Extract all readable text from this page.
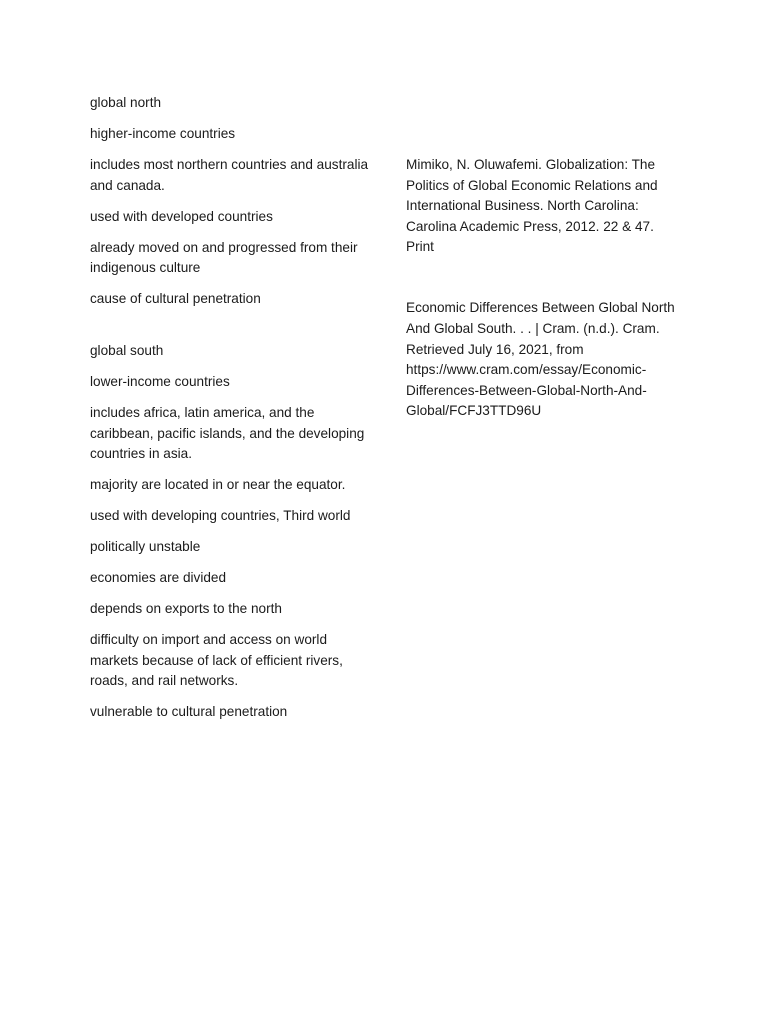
global north

higher-income countries

includes most northern countries and australia and canada.

used with developed countries

already moved on and progressed from their indigenous culture

cause of cultural penetration

global south

lower-income countries

includes africa, latin america, and the caribbean, pacific islands, and the developing countries in asia.

majority are located in or near the equator.

used with developing countries, Third world

politically unstable

economies are divided

depends on exports to the north

difficulty on import and access on world markets because of lack of efficient rivers, roads, and rail networks.

vulnerable to cultural penetration

Mimiko, N. Oluwafemi. Globalization: The Politics of Global Economic Relations and International Business. North Carolina: Carolina Academic Press, 2012. 22 & 47. Print

Economic Differences Between Global North And Global South. . . | Cram. (n.d.). Cram. Retrieved July 16, 2021, from https://www.cram.com/essay/Economic-Differences-Between-Global-North-And-Global/FCFJ3TTD96U
